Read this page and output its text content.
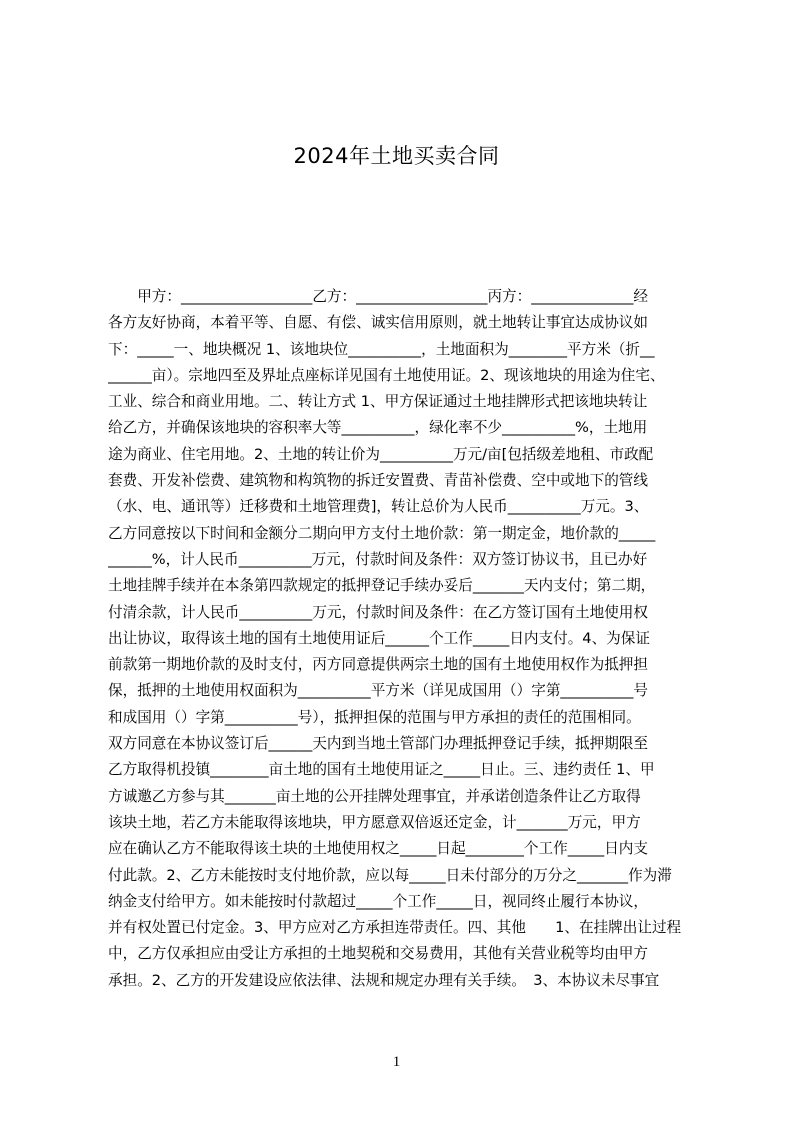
2024年土地买卖合同
　　甲方：__________________乙方：__________________丙方：______________经
各方友好协商，本着平等、自愿、有偿、诚实信用原则，就土地转让事宜达成协议如
下：_____一、地块概况 1、该地块位__________，土地面积为________平方米（折__
______亩）。宗地四至及界址点座标详见国有土地使用证。2、现该地块的用途为住宅、
工业、综合和商业用地。二、转让方式 1、甲方保证通过土地挂牌形式把该地块转让
给乙方，并确保该地块的容积率大等__________，绿化率不少__________%，土地用
途为商业、住宅用地。2、土地的转让价为__________万元/亩[包括级差地租、市政配
套费、开发补偿费、建筑物和构筑物的拆迁安置费、青苗补偿费、空中或地下的管线
（水、电、通讯等）迁移费和土地管理费]，转让总价为人民币__________万元。3、
乙方同意按以下时间和金额分二期向甲方支付土地价款：第一期定金，地价款的_____
______%，计人民币__________万元，付款时间及条件：双方签订协议书，且已办好
土地挂牌手续并在本条第四款规定的抵押登记手续办妥后_______天内支付；第二期，
付清余款，计人民币__________万元，付款时间及条件：在乙方签订国有土地使用权
出让协议，取得该土地的国有土地使用证后______个工作_____日内支付。4、为保证
前款第一期地价款的及时支付，丙方同意提供两宗土地的国有土地使用权作为抵押担
保，抵押的土地使用权面积为__________平方米（详见成国用（）字第__________号
和成国用（）字第__________号），抵押担保的范围与甲方承担的责任的范围相同。
双方同意在本协议签订后______天内到当地土管部门办理抵押登记手续，抵押期限至
乙方取得机投镇________亩土地的国有土地使用证之_____日止。三、违约责任 1、甲
方诚邀乙方参与其_______亩土地的公开挂牌处理事宜，并承诺创造条件让乙方取得
该块土地，若乙方未能取得该地块，甲方愿意双倍返还定金，计_______万元，甲方
应在确认乙方不能取得该土块的土地使用权之_____日起________个工作_____日内支
付此款。2、乙方未能按时支付地价款，应以每_____日未付部分的万分之_______作为滞
纳金支付给甲方。如未能按时付款超过_____个工作_____日，视同终止履行本协议，
并有权处置已付定金。3、甲方应对乙方承担连带责任。四、其他　　1、在挂牌出让过程
中，乙方仅承担应由受让方承担的土地契税和交易费用，其他有关营业税等均由甲方
承担。2、乙方的开发建设应依法律、法规和规定办理有关手续。　3、本协议未尽事宜
1
